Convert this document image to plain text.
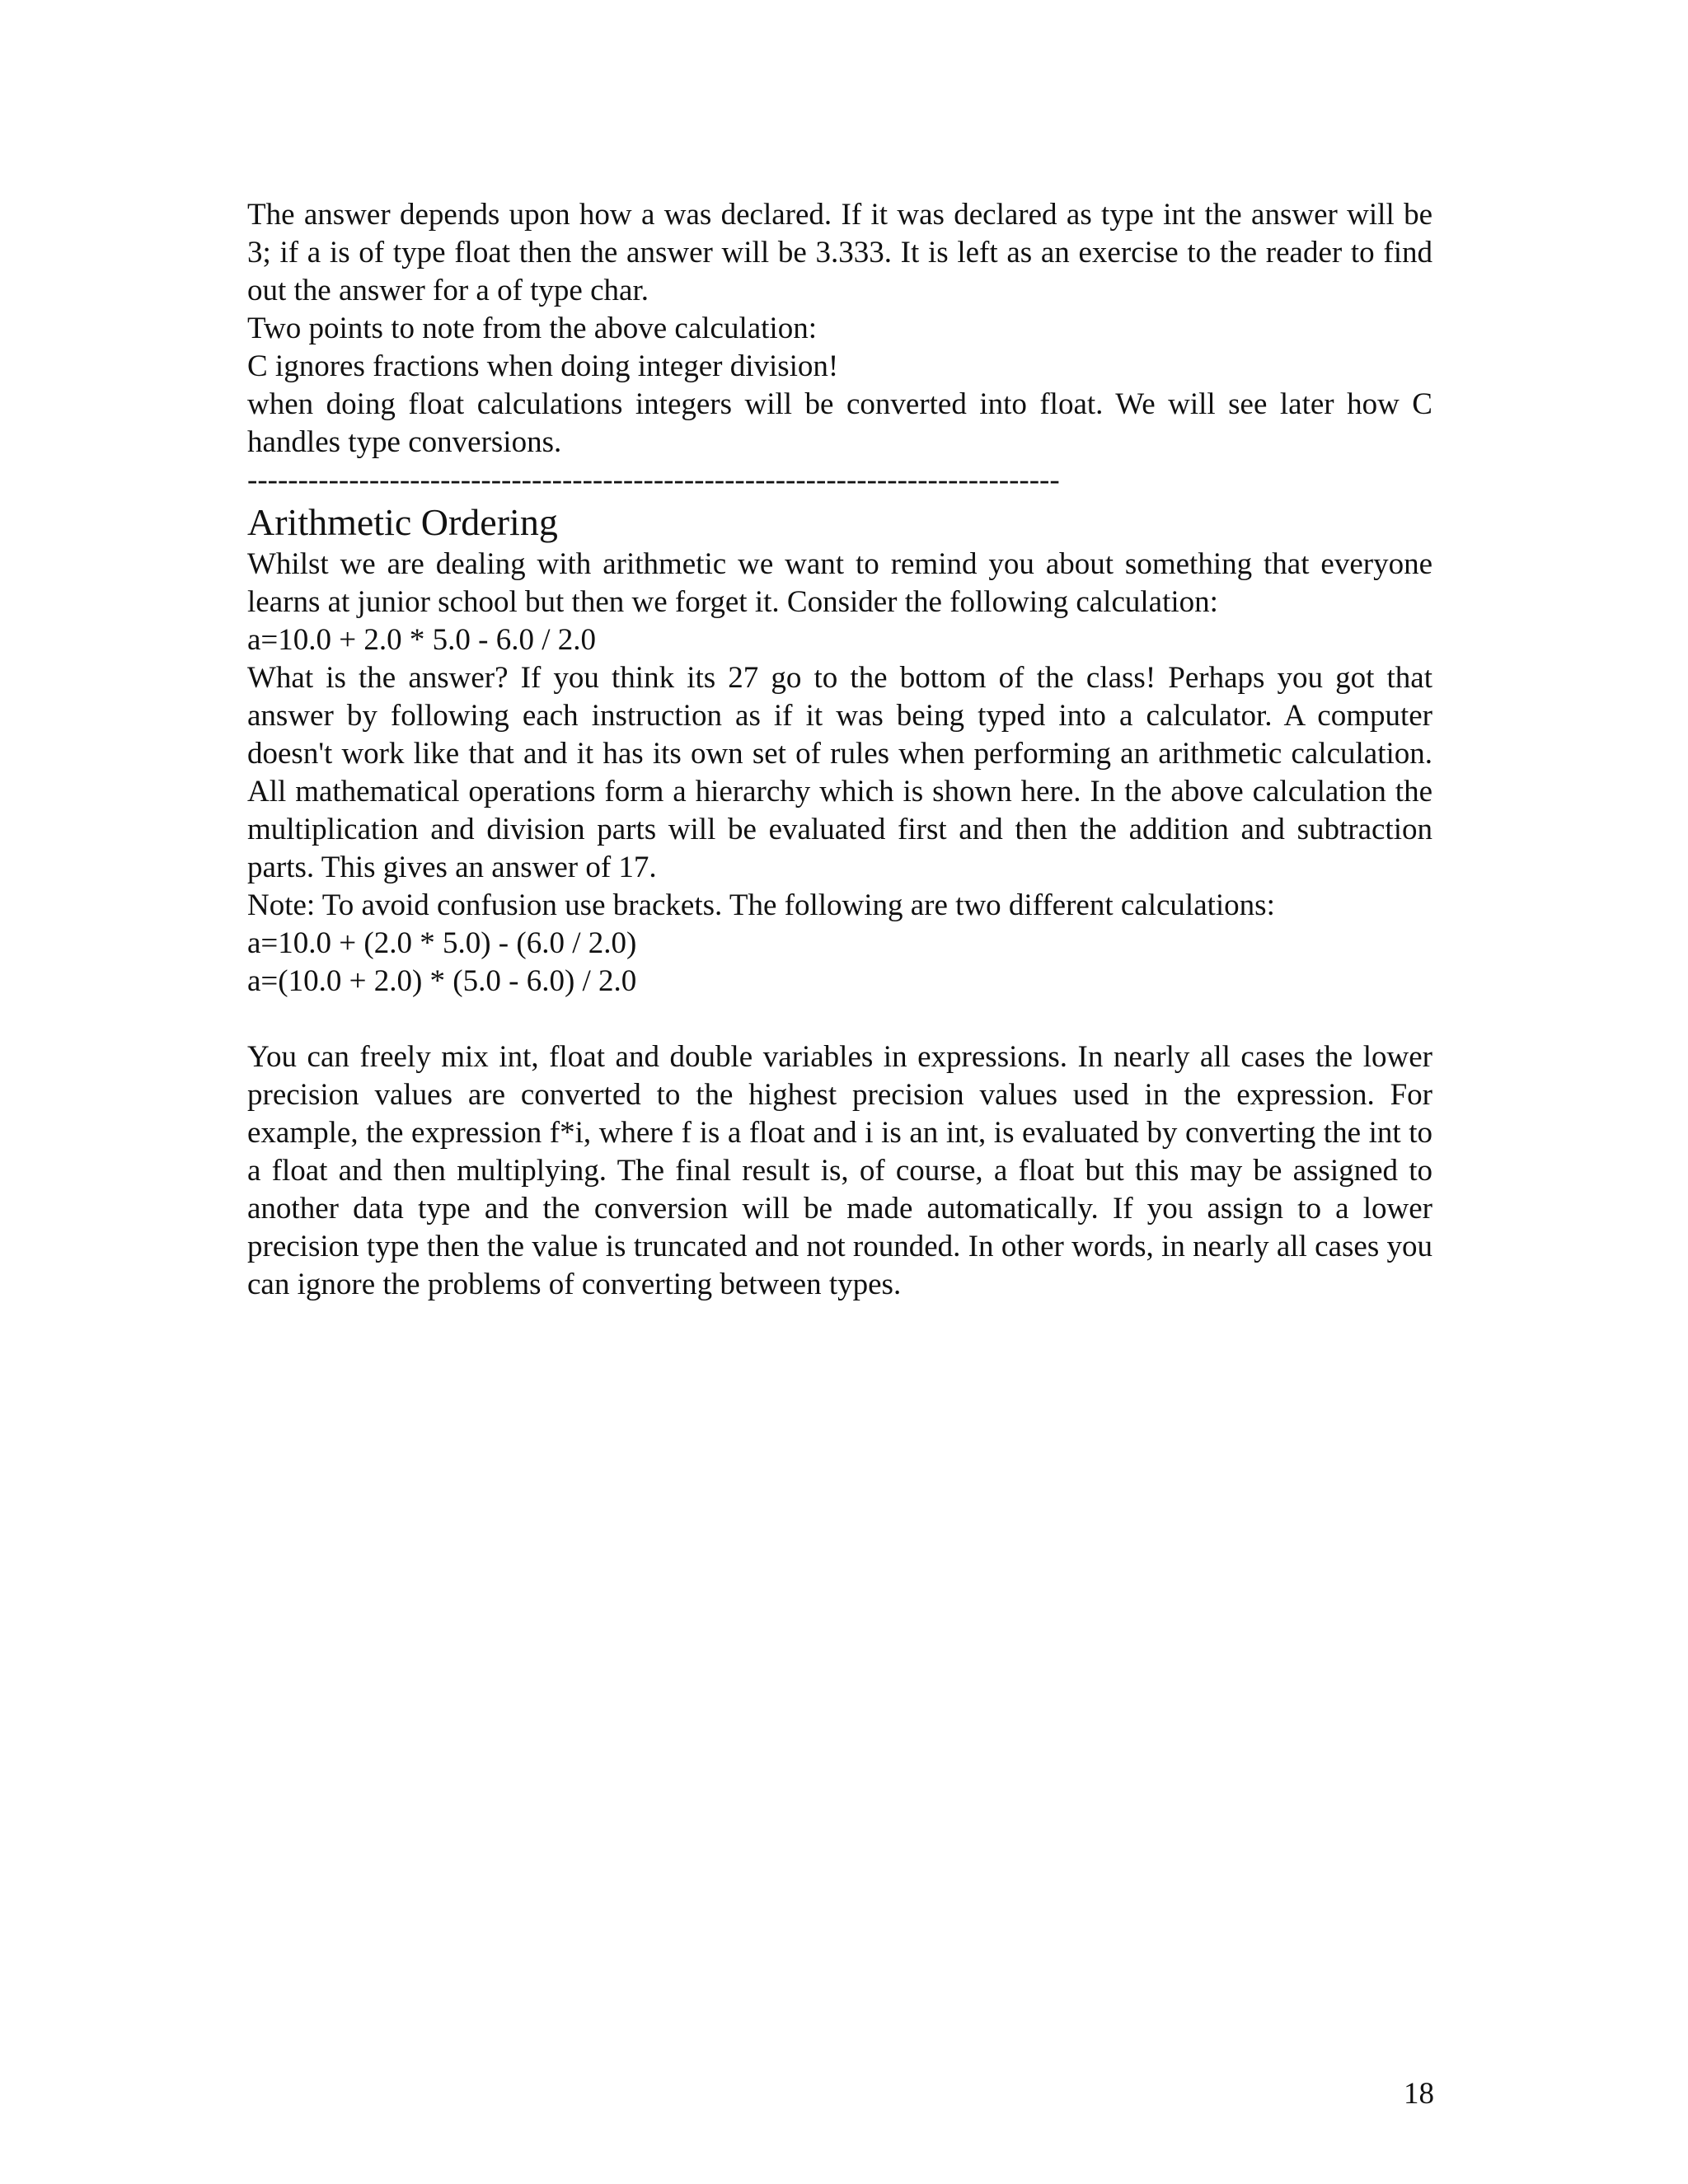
The answer depends upon how a was declared. If it was declared as type int the answer will be 3; if a is of type float then the answer will be 3.333. It is left as an exercise to the reader to find out the answer for a of type char.

Two points to note from the above calculation:

C ignores fractions when doing integer division!

when doing float calculations integers will be converted into float. We will see later how C handles type conversions.

--------------------------------------------------------------------------------

Arithmetic Ordering

Whilst we are dealing with arithmetic we want to remind you about something that everyone learns at junior school but then we forget it. Consider the following calculation:

a=10.0 + 2.0 * 5.0 - 6.0 / 2.0

What is the answer? If you think its 27 go to the bottom of the class! Perhaps you got that answer by following each instruction as if it was being typed into a calculator. A computer doesn't work like that and it has its own set of rules when performing an arithmetic calculation. All mathematical operations form a hierarchy which is shown here. In the above calculation the multiplication and division parts will be evaluated first and then the addition and subtraction parts. This gives an answer of 17.

Note: To avoid confusion use brackets. The following are two different calculations:

a=10.0 + (2.0 * 5.0) - (6.0 / 2.0)

a=(10.0 + 2.0) * (5.0 - 6.0) / 2.0

You can freely mix int, float and double variables in expressions. In nearly all cases the lower precision values are converted to the highest precision values used in the expression. For example, the expression f*i, where f is a float and i is an int, is evaluated by converting the int to a float and then multiplying. The final result is, of course, a float but this may be assigned to another data type and the conversion will be made automatically. If you assign to a lower precision type then the value is truncated and not rounded. In other words, in nearly all cases you can ignore the problems of converting between types.

18
